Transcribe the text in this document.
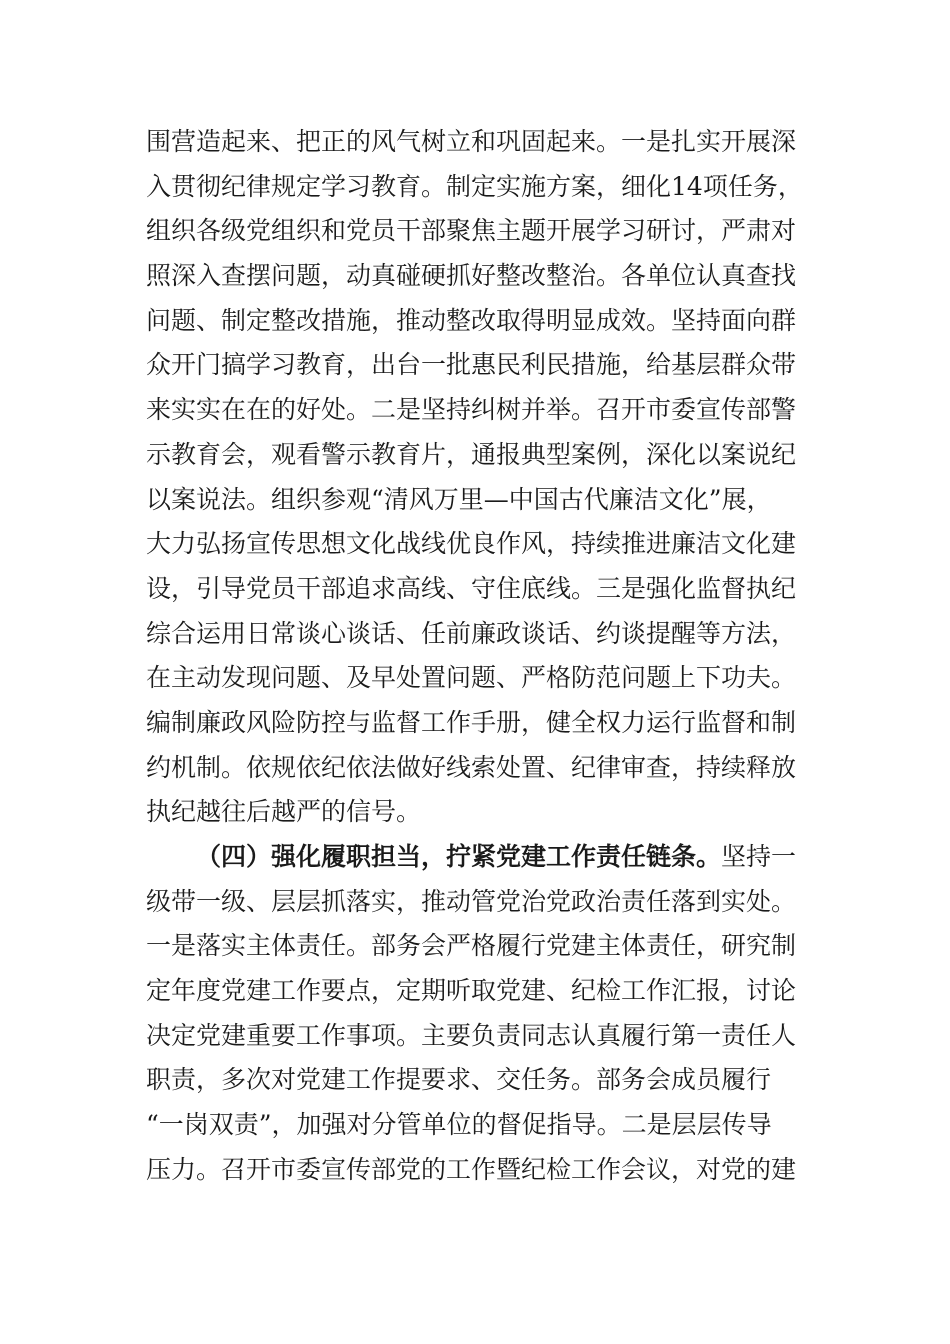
围营造起来、把正的风气树立和巩固起来。一是扎实开展深
入贯彻纪律规定学习教育。制定实施方案，细化14项任务，
组织各级党组织和党员干部聚焦主题开展学习研讨，严肃对
照深入查摆问题，动真碰硬抓好整改整治。各单位认真查找
问题、制定整改措施，推动整改取得明显成效。坚持面向群
众开门搞学习教育，出台一批惠民利民措施，给基层群众带
来实实在在的好处。二是坚持纠树并举。召开市委宣传部警
示教育会，观看警示教育片，通报典型案例，深化以案说纪
以案说法。组织参观“清风万里—中国古代廉洁文化”展，
大力弘扬宣传思想文化战线优良作风，持续推进廉洁文化建
设，引导党员干部追求高线、守住底线。三是强化监督执纪
综合运用日常谈心谈话、任前廉政谈话、约谈提醒等方法，
在主动发现问题、及早处置问题、严格防范问题上下功夫。
编制廉政风险防控与监督工作手册，健全权力运行监督和制
约机制。依规依纪依法做好线索处置、纪律审查，持续释放
执纪越往后越严的信号。
（四）强化履职担当，拧紧党建工作责任链条。坚持一
级带一级、层层抓落实，推动管党治党政治责任落到实处。
一是落实主体责任。部务会严格履行党建主体责任，研究制
定年度党建工作要点，定期听取党建、纪检工作汇报，讨论
决定党建重要工作事项。主要负责同志认真履行第一责任人
职责，多次对党建工作提要求、交任务。部务会成员履行
“一岗双责”，加强对分管单位的督促指导。二是层层传导
压力。召开市委宣传部党的工作暨纪检工作会议，对党的建
